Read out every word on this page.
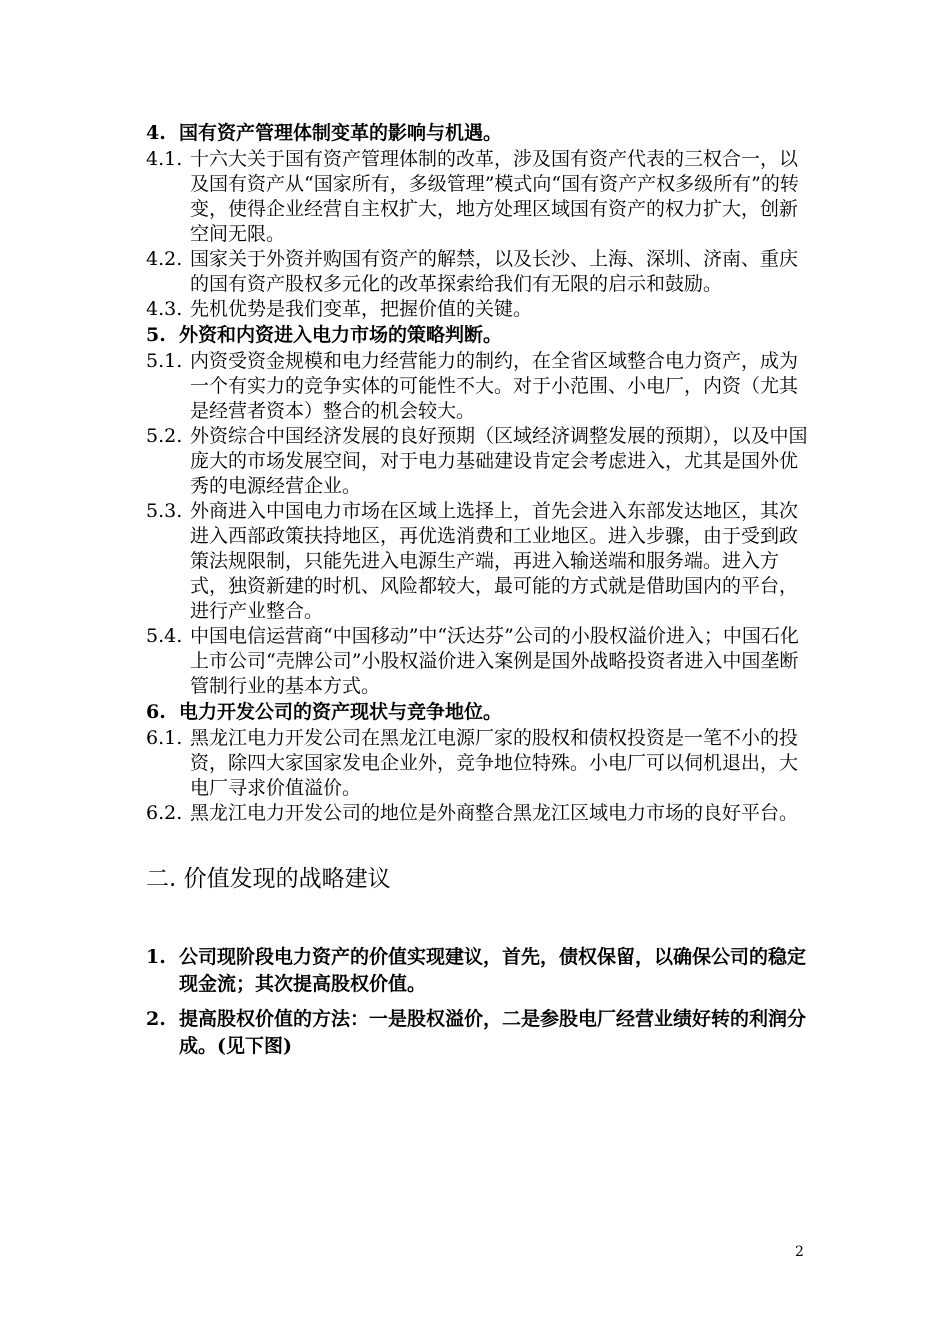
4. 国有资产管理体制变革的影响与机遇。
4.1. 十六大关于国有资产管理体制的改革，涉及国有资产代表的三权合一，以及国有资产从“国家所有，多级管理”模式向“国有资产产权多级所有”的转变，使得企业经营自主权扩大，地方处理区域国有资产的权力扩大，创新空间无限。
4.2. 国家关于外资并购国有资产的解禁，以及长沙、上海、深圳、济南、重庆的国有资产股权多元化的改革探索给我们有无限的启示和鼓励。
4.3. 先机优势是我们变革，把握价值的关键。
5. 外资和内资进入电力市场的策略判断。
5.1. 内资受资金规模和电力经营能力的制约，在全省区域整合电力资产，成为一个有实力的竞争实体的可能性不大。对于小范围、小电厂，内资（尤其是经营者资本）整合的机会较大。
5.2. 外资综合中国经济发展的良好预期（区域经济调整发展的预期），以及中国庞大的市场发展空间，对于电力基础建设肯定会考虑进入，尤其是国外优秀的电源经营企业。
5.3. 外商进入中国电力市场在区域上选择上，首先会进入东部发达地区，其次进入西部政策扶持地区，再优选消费和工业地区。进入步骤，由于受到政策法规限制，只能先进入电源生产端，再进入输送端和服务端。进入方式，独资新建的时机、风险都较大，最可能的方式就是借助国内的平台，进行产业整合。
5.4. 中国电信运营商“中国移动”中“沃达芬”公司的小股权溢价进入；中国石化上市公司“壳牌公司”小股权溢价进入案例是国外战略投资者进入中国垄断管制行业的基本方式。
6. 电力开发公司的资产现状与竞争地位。
6.1. 黑龙江电力开发公司在黑龙江电源厂家的股权和债权投资是一笔不小的投资，除四大家国家发电企业外，竞争地位特殊。小电厂可以伺机退出，大电厂寻求价值溢价。
6.2. 黑龙江电力开发公司的地位是外商整合黑龙江区域电力市场的良好平台。
二. 价值发现的战略建议
1. 公司现阶段电力资产的价值实现建议，首先，债权保留，以确保公司的稳定现金流；其次提高股权价值。
2. 提高股权价值的方法：一是股权溢价，二是参股电厂经营业绩好转的利润分成。(见下图)
2
